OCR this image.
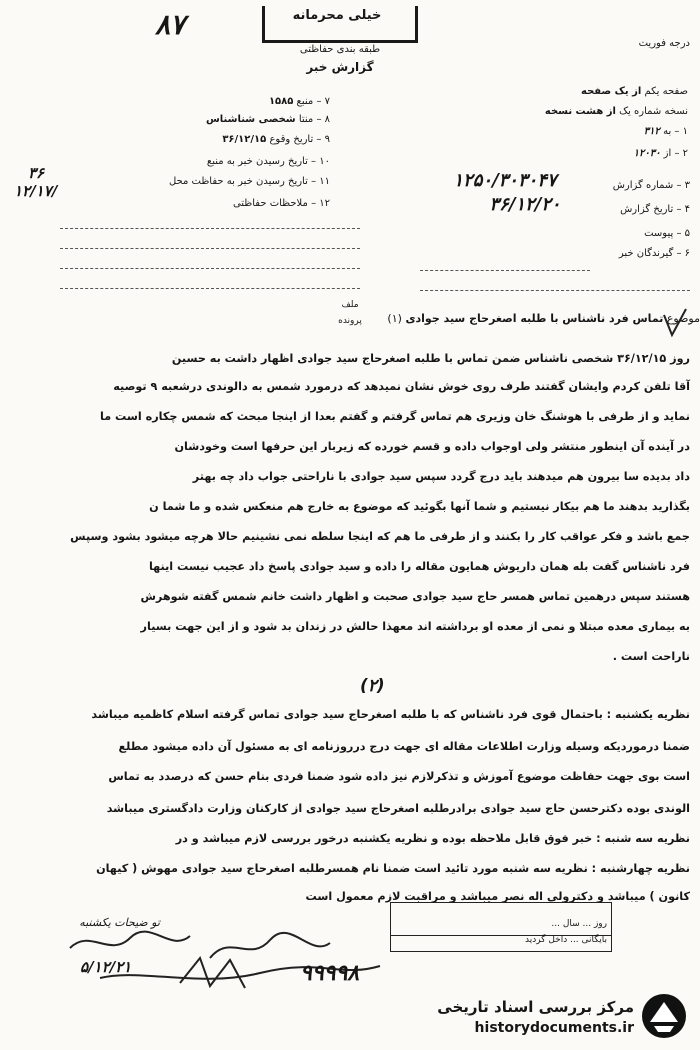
خیلی محرمانه
۸۷
طبقه بندی حفاظتی
گزارش خبر
درجه فوریت
صفحه یکم از یک صفحه
نسخه شماره یک از هشت نسخه
۱ – به ۳۱۲
۲ – از ۱۲۰۳۰
۳ – شماره گزارش
۴ – تاریخ گزارش
۵ – پیوست
۶ – گیرندگان خبر
۱۲۵۰/۳۰۳۰۴۷
۳۶/۱۲/۲۰
۷ – منبع ۱۵۸۵
۸ – منتا شخصی شناشناس
۹ – تاریخ وقوع ۳۶/۱۲/۱۵
۱۰ – تاریخ رسیدن خبر به منبع
۱۱ – تاریخ رسیدن خبر به حفاظت محل
۱۲ – ملاحظات حفاظتی
۳۶
۱۲/۱۷/
ملف
پرونده	موضوع تماس فرد ناشناس با طلبه اصغرحاج سید جوادی (۱)
روز ۳۶/۱۲/۱۵ شخصی ناشناس ضمن تماس با طلبه اصغرحاج سید جوادی اظهار داشت به حسین
آقا تلفن کردم وایشان گفتند طرف روی خوش نشان نمیدهد که درمورد شمس به دالوندی درشعبه ۹ توصیه
نماید و از طرفی با هوشنگ خان وزیری هم تماس گرفتم و گفتم بعدا از اینجا مبحث که شمس چکاره است ما
در آینده آن اینطور منتشر ولی اوجواب داده و قسم خورده که زیربار این حرفها است وخودشان
داد بدیده سا بیرون هم میدهند باید درج گردد سپس سید جوادی با ناراحتی جواب داد چه بهتر
بگذارید بدهند ما هم بیکار نیستیم و شما آنها بگوئید که موضوع به خارج هم منعکس شده و ما شما ن
جمع باشد و فکر عواقب کار را بکنند و از طرفی ما هم که اینجا سلطه نمی نشینیم حالا هرچه میشود بشود وسپس
فرد ناشناس گفت بله همان داریوش همایون مقاله را داده و سید جوادی پاسخ داد عجیب نیست اینها
هستند سپس درهمین تماس همسر حاج سید جوادی صحبت و اظهار داشت خانم شمس گفته شوهرش
به بیماری معده مبتلا و نمی از معده او برداشته اند معهذا حالش در زندان بد شود و از این جهت بسیار
ناراحت است .
(۲)
نظریه یکشنبه : باحتمال قوی فرد ناشناس که با طلبه اصغرحاج سید جوادی تماس گرفته اسلام کاظمیه میباشد
ضمنا درموردیکه وسیله وزارت اطلاعات مقاله ای جهت درج درروزنامه ای به مسئول آن داده میشود مطلع
است بوی جهت حفاظت موضوع آموزش و تذکرلازم نیز داده شود ضمنا فردی بنام حسن که درصدد به تماس
الوندی بوده دکترحسن حاج سید جوادی برادرطلبه اصغرحاج سید جوادی از کارکنان وزارت دادگستری میباشد
نظریه سه شنبه : خبر فوق قابل ملاحظه بوده و نظریه یکشنبه درخور بررسی لازم میباشد و در
نظریه چهارشنبه : نظریه سه شنبه مورد تائید است ضمنا نام همسرطلبه اصغرحاج سید جوادی مهوش ( کیهان
کانون ) میباشد و دکترولی اله نصر میباشد و مراقبت لازم معمول است
تو ضیحات یکشنبه
۵/۱۲/۲۱	۹۹۹۹۸
روز ... سال ...
بایگانی ... داخل گردید
مرکز بررسی اسناد تاریخی
historydocuments.ir
